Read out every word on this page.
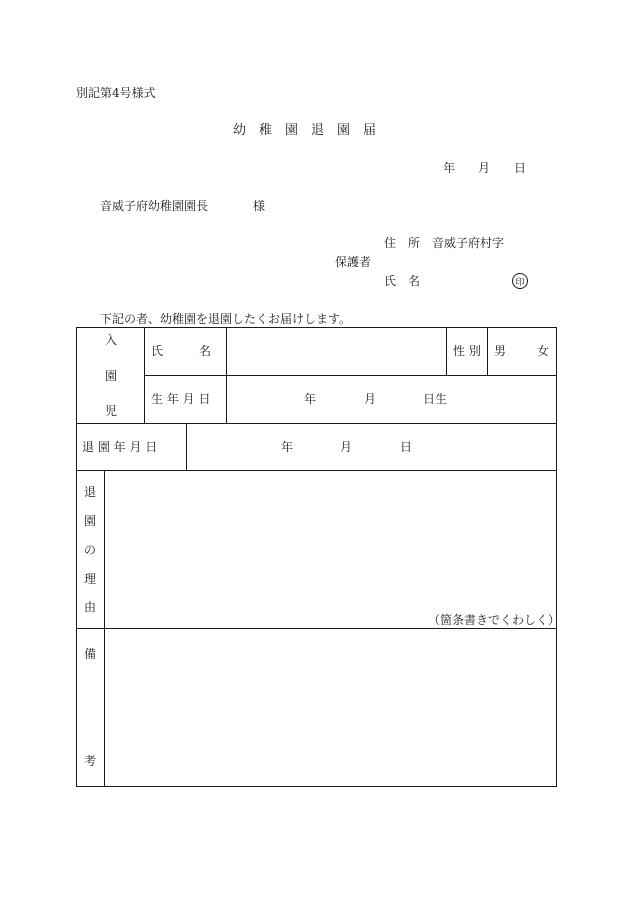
別記第4号様式
幼　稚　園　退　園　届
年 月 日
音威子府幼稚園園長	様
住　所 音威子府村字
保護者
氏　名	印
下記の者、幼稚園を退園したくお届けします。
入
園
児
氏　　　名	性 別 男	女
生 年 月 日	年	月	日生
退 園 年 月 日	年	月	日
退
園
の
理
由
（箇条書きでくわしく）
備
考
